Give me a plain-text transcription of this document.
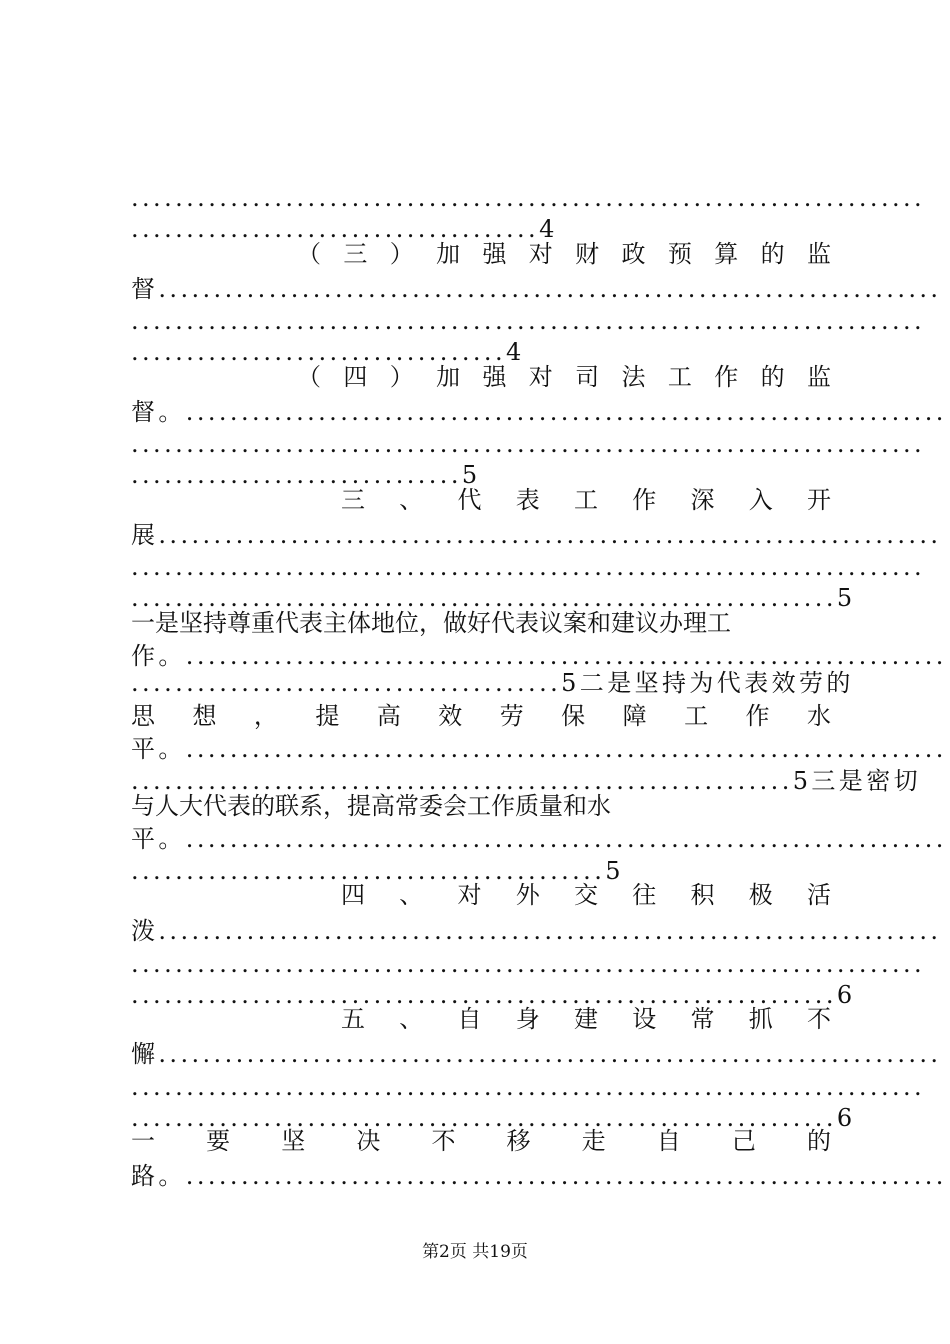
........................................................................
.....................................4
（ 三 ） 加 强 对 财 政 预 算 的 监
督.......................................................................
........................................................................
..................................4
（ 四 ） 加 强 对 司 法 工 作 的 监
督。.....................................................................
........................................................................
..............................5
三 、 代 表 工 作 深 入 开
展.......................................................................
........................................................................
................................................................5
一是坚持尊重代表主体地位，做好代表议案和建议办理工
作。.....................................................................
.......................................5二是坚持为代表效劳的
思 想 ， 提 高 效 劳 保 障 工 作 水
平。.....................................................................
............................................................5三是密切
与人大代表的联系，提高常委会工作质量和水
平。.....................................................................
...........................................5
四 、 对 外 交 往 积 极 活
泼.......................................................................
........................................................................
................................................................6
五 、 自 身 建 设 常 抓 不
懈.......................................................................
........................................................................
................................................................6
一 要 坚 决 不 移 走 自 己 的
路。.....................................................................
第2页 共19页
